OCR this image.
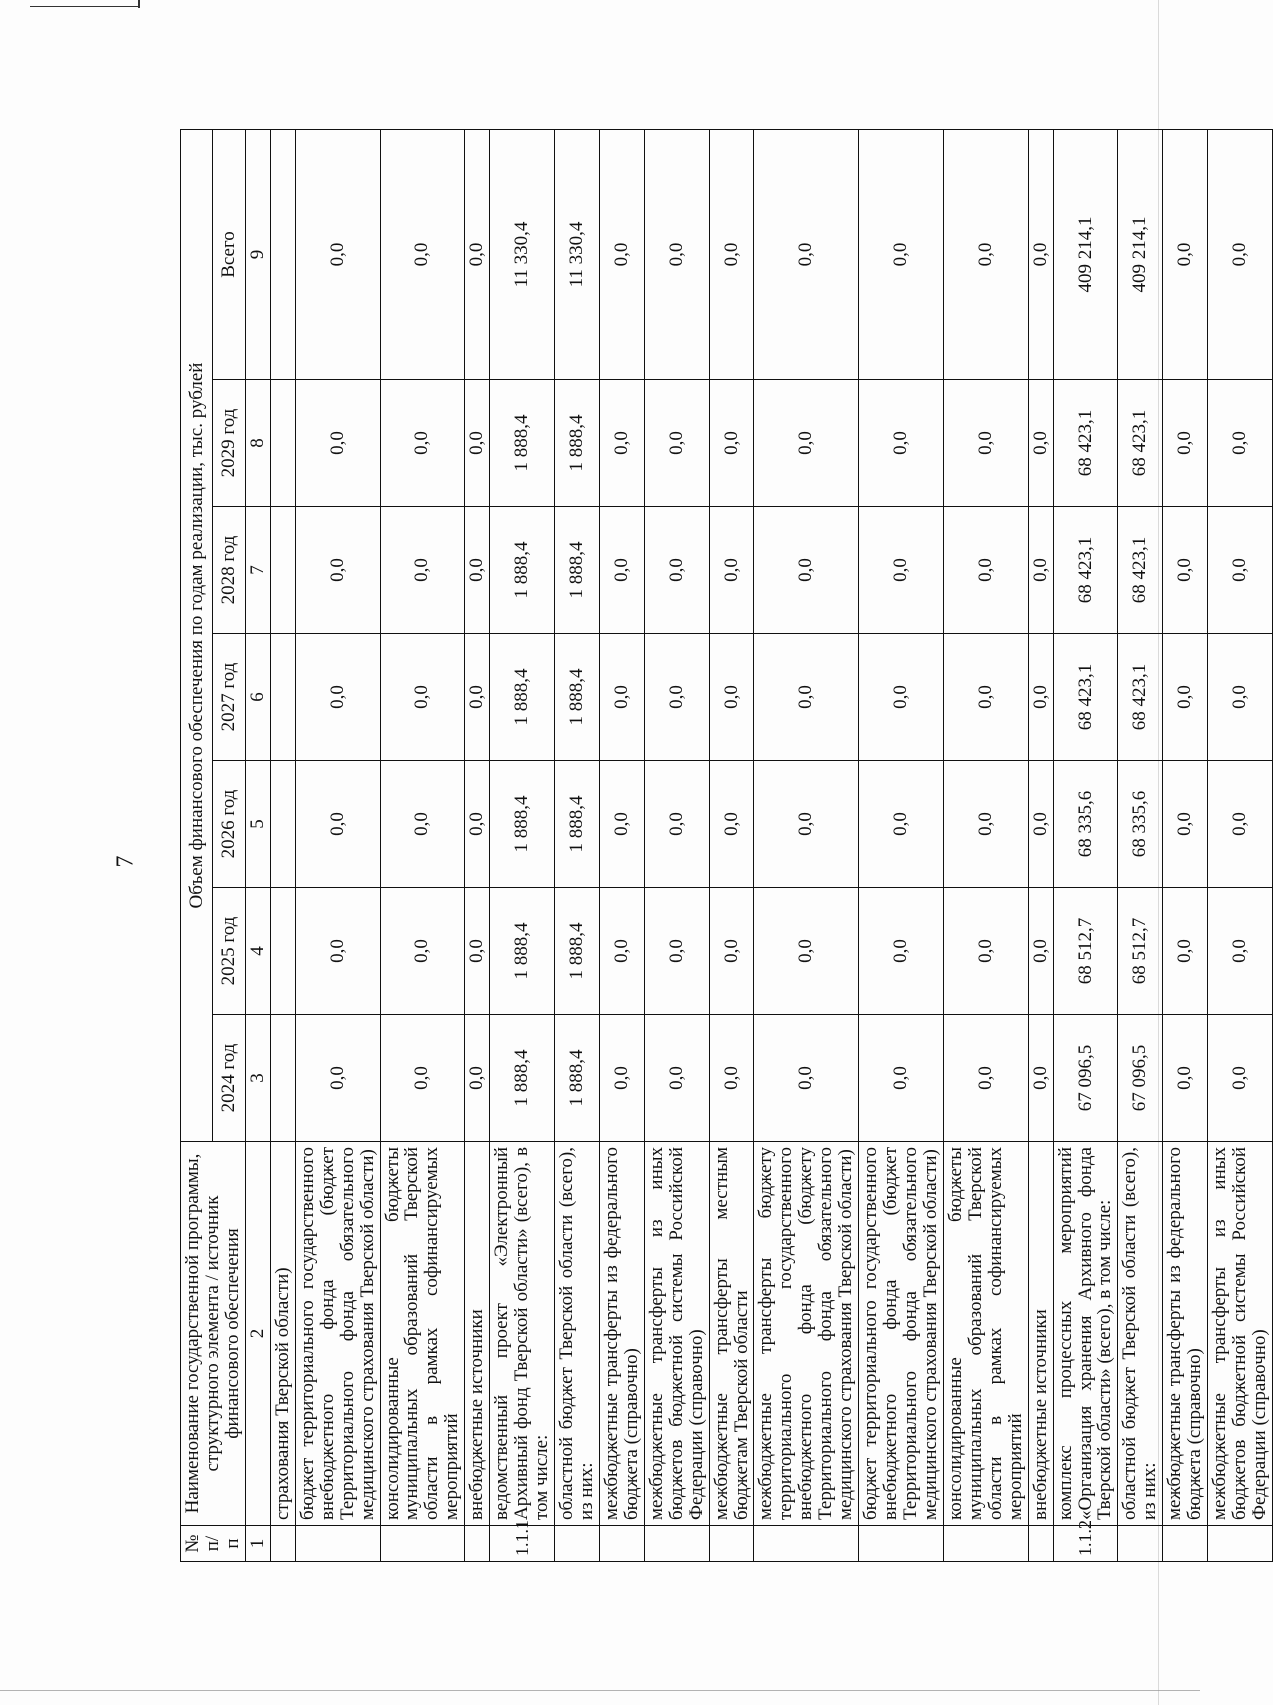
7
№ п/п	Наименование государственной программы, структурного элемента / источник финансового обеспечения	Объем финансового обеспечения по годам реализации, тыс. рублей						
		2024 год	2025 год	2026 год	2027 год	2028 год	2029 год	Всего
1	2	3	4	5	6	7	8	9
	страхования Тверской области)							
	бюджет территориального государственного внебюджетного фонда (бюджет Территориального фонда обязательного медицинского страхования Тверской области)	0,0	0,0	0,0	0,0	0,0	0,0	0,0
	консолидированные бюджеты муниципальных образований Тверской области в рамках софинансируемых мероприятий	0,0	0,0	0,0	0,0	0,0	0,0	0,0
	внебюджетные источники	0,0	0,0	0,0	0,0	0,0	0,0	0,0
1.1.1	ведомственный проект «Электронный Архивный фонд Тверской области» (всего), в том числе:	1 888,4	1 888,4	1 888,4	1 888,4	1 888,4	1 888,4	11 330,4
	областной бюджет Тверской области (всего), из них:	1 888,4	1 888,4	1 888,4	1 888,4	1 888,4	1 888,4	11 330,4
	межбюджетные трансферты из федерального бюджета (справочно)	0,0	0,0	0,0	0,0	0,0	0,0	0,0
	межбюджетные трансферты из иных бюджетов бюджетной системы Российской Федерации (справочно)	0,0	0,0	0,0	0,0	0,0	0,0	0,0
	межбюджетные трансферты местным бюджетам Тверской области	0,0	0,0	0,0	0,0	0,0	0,0	0,0
	межбюджетные трансферты бюджету территориального государственного внебюджетного фонда (бюджету Территориального фонда обязательного медицинского страхования Тверской области)	0,0	0,0	0,0	0,0	0,0	0,0	0,0
	бюджет территориального государственного внебюджетного фонда (бюджет Территориального фонда обязательного медицинского страхования Тверской области)	0,0	0,0	0,0	0,0	0,0	0,0	0,0
	консолидированные бюджеты муниципальных образований Тверской области в рамках софинансируемых мероприятий	0,0	0,0	0,0	0,0	0,0	0,0	0,0
	внебюджетные источники	0,0	0,0	0,0	0,0	0,0	0,0	0,0
1.1.2	комплекс процессных мероприятий «Организация хранения Архивного фонда Тверской области» (всего), в том числе:	67 096,5	68 512,7	68 335,6	68 423,1	68 423,1	68 423,1	409 214,1
	областной бюджет Тверской области (всего), из них:	67 096,5	68 512,7	68 335,6	68 423,1	68 423,1	68 423,1	409 214,1
	межбюджетные трансферты из федерального бюджета (справочно)	0,0	0,0	0,0	0,0	0,0	0,0	0,0
	межбюджетные трансферты из иных бюджетов бюджетной системы Российской Федерации (справочно)	0,0	0,0	0,0	0,0	0,0	0,0	0,0
